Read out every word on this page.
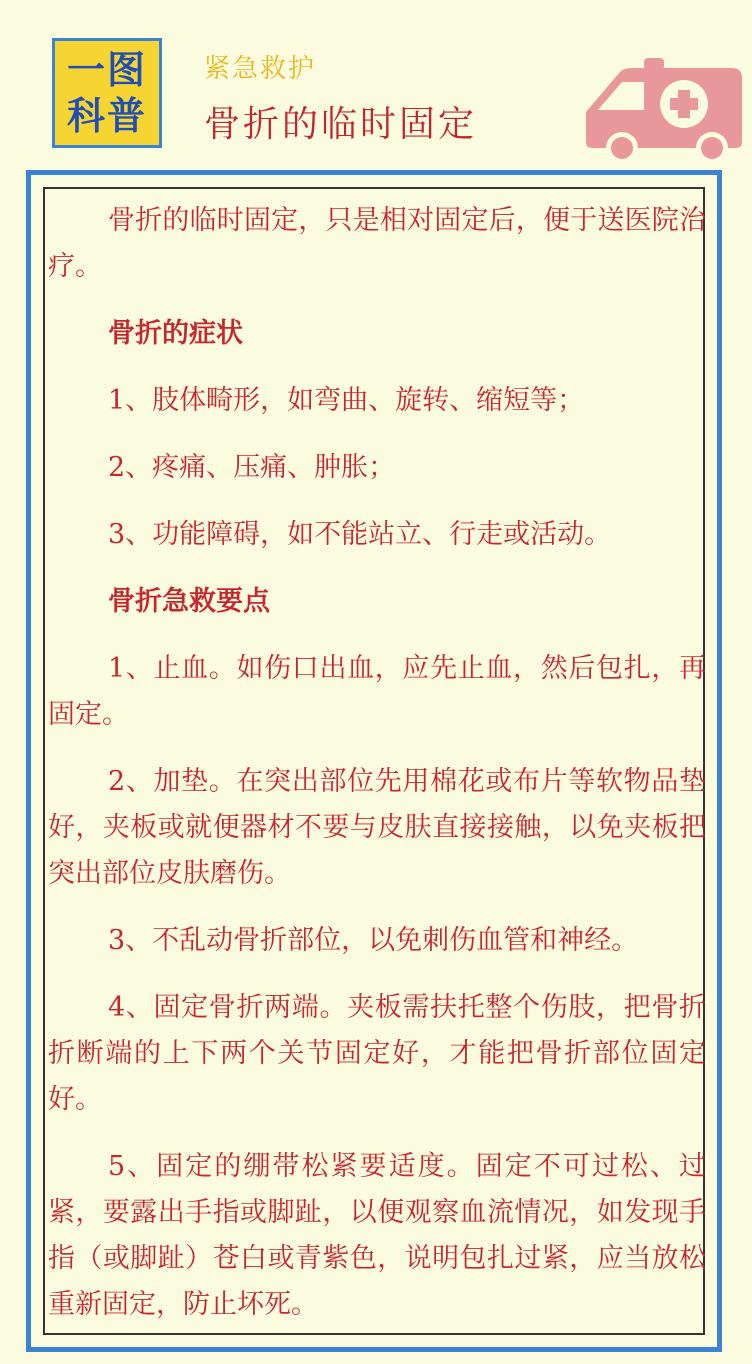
一图
科普
紧急救护
骨折的临时固定

骨折的临时固定，只是相对固定后，便于送医院治疗。

骨折的症状

1、肢体畸形，如弯曲、旋转、缩短等；

2、疼痛、压痛、肿胀；

3、功能障碍，如不能站立、行走或活动。

骨折急救要点

1、止血。如伤口出血，应先止血，然后包扎，再固定。

2、加垫。在突出部位先用棉花或布片等软物品垫好，夹板或就便器材不要与皮肤直接接触，以免夹板把突出部位皮肤磨伤。

3、不乱动骨折部位，以免刺伤血管和神经。

4、固定骨折两端。夹板需扶托整个伤肢，把骨折折断端的上下两个关节固定好，才能把骨折部位固定好。

5、固定的绷带松紧要适度。固定不可过松、过紧，要露出手指或脚趾，以便观察血流情况，如发现手指（或脚趾）苍白或青紫色，说明包扎过紧，应当放松重新固定，防止坏死。
